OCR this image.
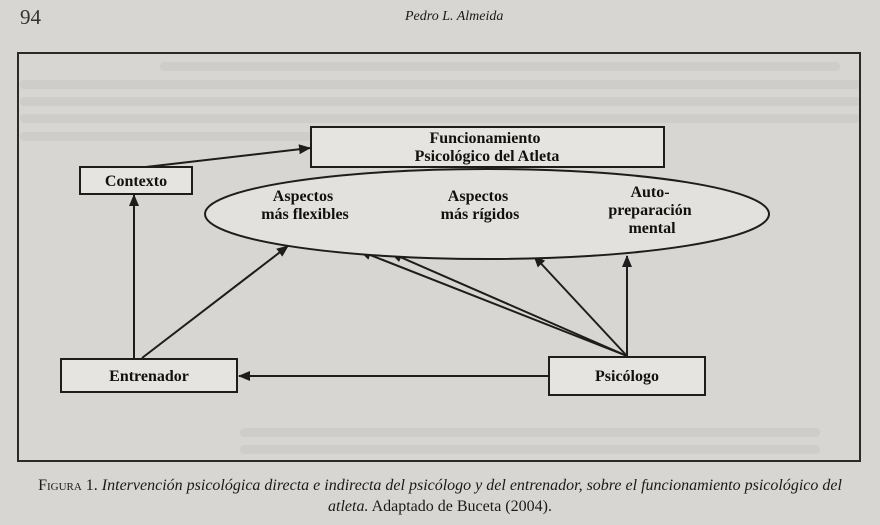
94	Pedro L. Almeida
Funcionamiento Psicológico del Atleta
Contexto
Entrenador	Psicólogo
Aspectos más flexibles
Aspectos más rígidos
Auto- preparación mental
Figura 1. Intervención psicológica directa e indirecta del psicólogo y del entrenador, sobre el funcionamiento psicológico del atleta. Adaptado de Buceta (2004).
